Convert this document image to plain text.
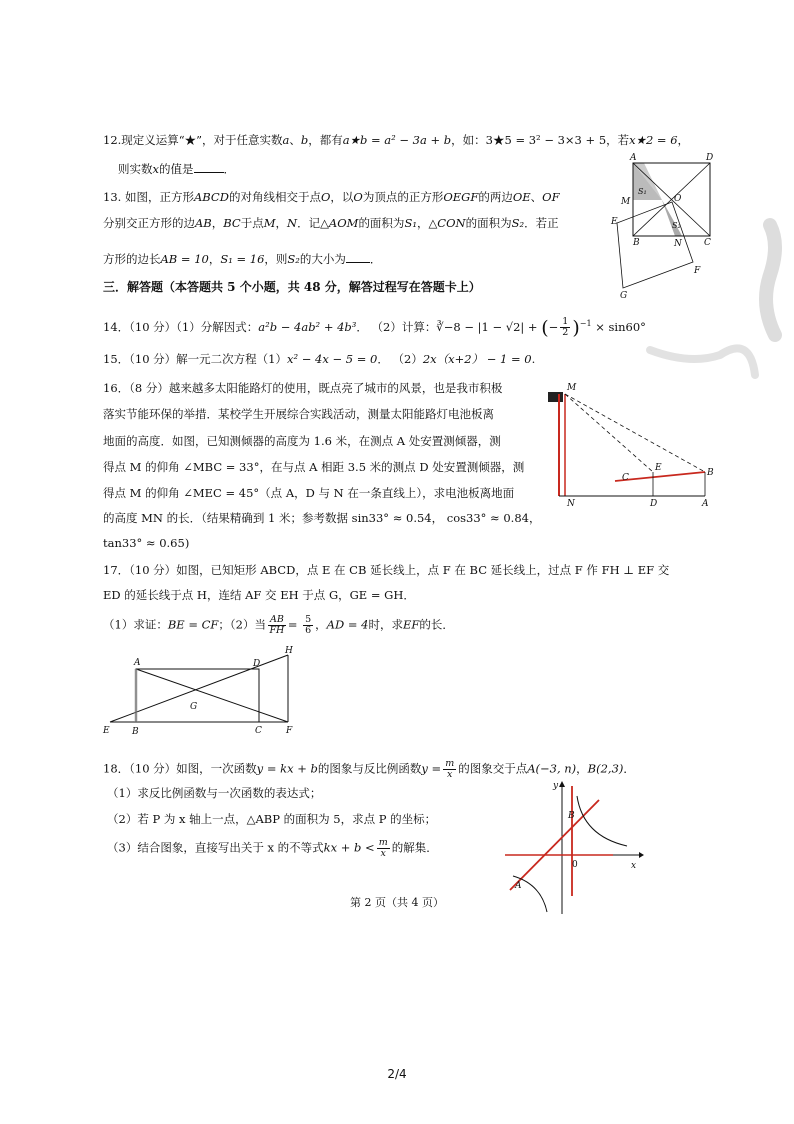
12.现定义运算“★”，对于任意实数a、b，都有a★b = a² − 3a + b，如：3★5 = 3² − 3×3 + 5，若x★2 = 6，
则实数x的值是	．
13. 如图，正方形ABCD的对角线相交于点O，以O为顶点的正方形OEGF的两边OE、OF
分别交正方形的边AB，BC于点M，N．记△AOM的面积为S₁，△CON的面积为S₂．若正
方形的边长AB = 10，S₁ = 16，则S₂的大小为 ．
A	D
S₁
S₂
O
M
E
B	N C
F
G
三．解答题（本答题共 5 个小题，共 48 分，解答过程写在答题卡上）
14．（10 分）（1）分解因式：a²b − 4ab² + 4b³． （2）计算：∛−8 − |1 − √2| + (− $\frac{1}{2} )^{-1} \times \sin 60^\circ$
15．（10 分）解一元二次方程（1）x² − 4x − 5 = 0． （2）2x（x+2） − 1 = 0.
16．（8 分）越来越多太阳能路灯的使用，既点亮了城市的风景，也是我市积极
落实节能环保的举措．某校学生开展综合实践活动，测量太阳能路灯电池板离
地面的高度．如图，已知测倾器的高度为 1.6 米，在测点 A 处安置测倾器，测
得点 M 的仰角 ∠MBC = 33°，在与点 A 相距 3.5 米的测点 D 处安置测倾器，测
得点 M 的仰角 ∠MEC = 45°（点 A，D 与 N 在一条直线上），求电池板离地面
的高度 MN 的长．（结果精确到 1 米；参考数据 sin33° ≈ 0.54， cos33° ≈ 0.84，
tan33° ≈ 0.65)
M
E
C	B
N	D	A
17．（10 分）如图，已知矩形 ABCD，点 E 在 CB 延长线上，点 F 在 BC 延长线上，过点 F 作 FH ⊥ EF 交
ED 的延长线于点 H，连结 AF 交 EH 于点 G，GE = GH．
（1）求证：BE = CF；（2）当 $\frac{AB}{FH} = \frac{5}{6}$ ，AD = 4时，求EF的长．
A	D
H
G
E B	C	F
18．（10 分）如图，一次函数y = kx + b的图象与反比例函数$y = \frac{m}{x}$ 的图象交于点A(−3, n)，B(2,3)．
（1）求反比例函数与一次函数的表达式；
（2）若 P 为 x 轴上一点，△ABP 的面积为 5，求点 P 的坐标；
（3）结合图象，直接写出关于 x 的不等式kx + $b < \frac{m}{x}$ 的解集．
y
B
A
0	x
第 2 页（共 4 页）
2/4
